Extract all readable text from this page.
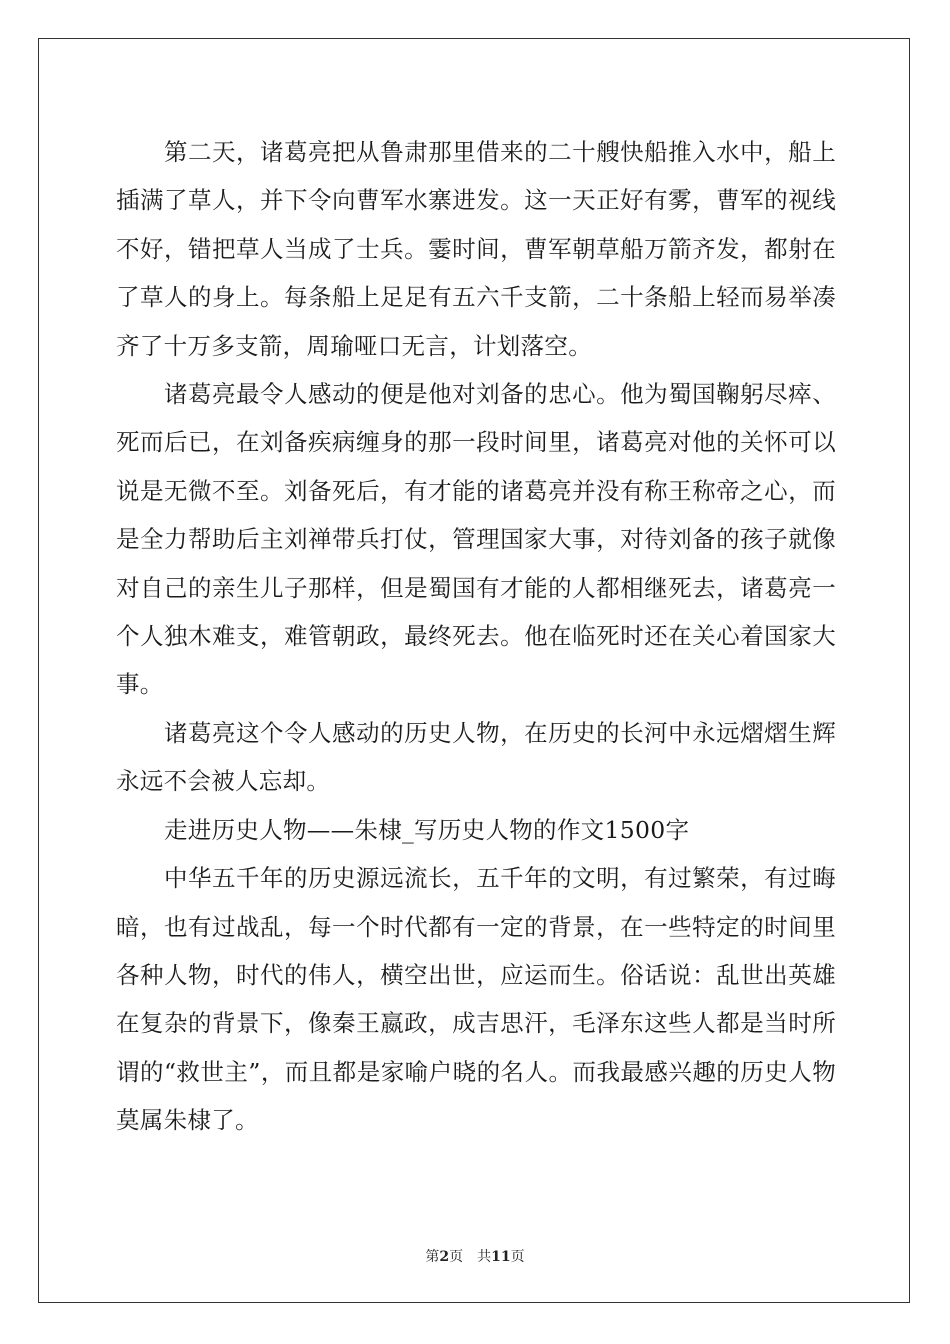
第二天，诸葛亮把从鲁肃那里借来的二十艘快船推入水中，船上插满了草人，并下令向曹军水寨进发。这一天正好有雾，曹军的视线不好，错把草人当成了士兵。霎时间，曹军朝草船万箭齐发，都射在了草人的身上。每条船上足足有五六千支箭，二十条船上轻而易举凑齐了十万多支箭，周瑜哑口无言，计划落空。

诸葛亮最令人感动的便是他对刘备的忠心。他为蜀国鞠躬尽瘁、死而后已，在刘备疾病缠身的那一段时间里，诸葛亮对他的关怀可以说是无微不至。刘备死后，有才能的诸葛亮并没有称王称帝之心，而是全力帮助后主刘禅带兵打仗，管理国家大事，对待刘备的孩子就像对自己的亲生儿子那样，但是蜀国有才能的人都相继死去，诸葛亮一个人独木难支，难管朝政，最终死去。他在临死时还在关心着国家大事。

诸葛亮这个令人感动的历史人物，在历史的长河中永远熠熠生辉永远不会被人忘却。

走进历史人物——朱棣_写历史人物的作文1500字

中华五千年的历史源远流长，五千年的文明，有过繁荣，有过晦暗，也有过战乱，每一个时代都有一定的背景，在一些特定的时间里各种人物，时代的伟人，横空出世，应运而生。俗话说：乱世出英雄在复杂的背景下，像秦王嬴政，成吉思汗，毛泽东这些人都是当时所谓的“救世主”，而且都是家喻户晓的名人。而我最感兴趣的历史人物莫属朱棣了。

第2页 共11页
